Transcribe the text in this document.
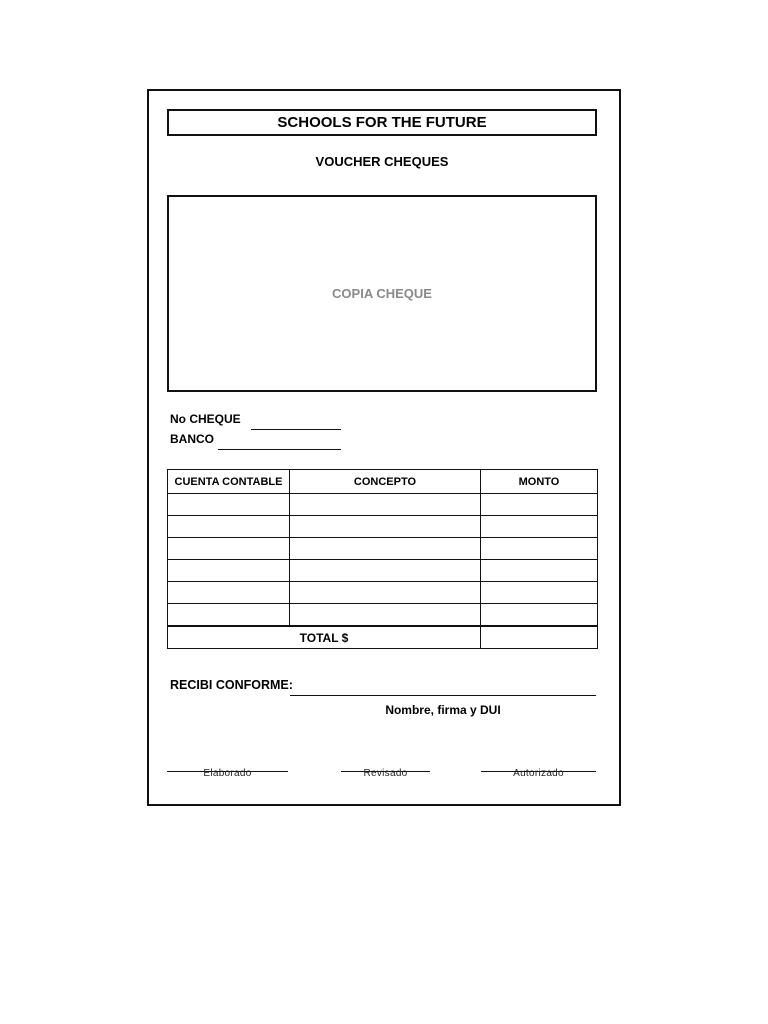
SCHOOLS FOR THE FUTURE
VOUCHER CHEQUES
COPIA CHEQUE
No CHEQUE
BANCO
CUENTA CONTABLE	CONCEPTO	MONTO

TOTAL $		
RECIBI CONFORME:
Nombre, firma y DUI
Elaborado	Revisado	Autorizado
